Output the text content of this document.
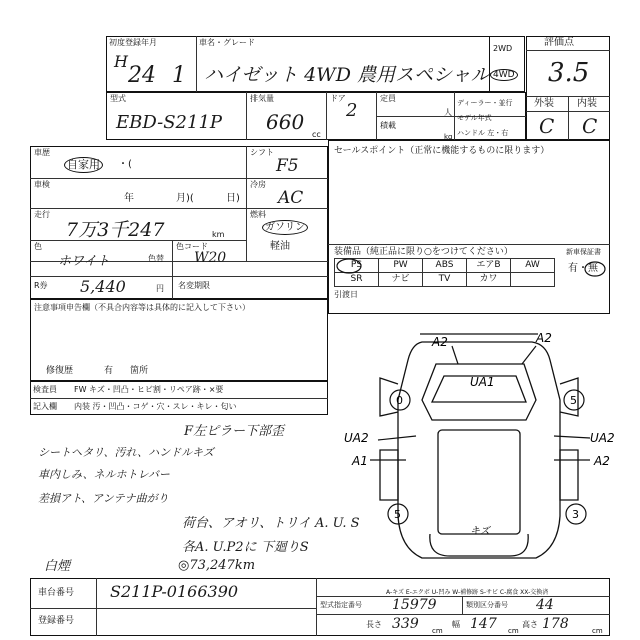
初度登録年月	車名・グレード
H
24 1 ハイゼット 4WD 農用スペシャル
2WD
4WD
評価点
3.5
外装 内装
C C
型式
EBD-S211P
排気量
660
cc
ドア
2
定員
人
積載
kg
ディーラー・並行
モデル年式
ハンドル 左・右
車歴
自家用	・(
シフト
F5
車検
年	月)(	日)
冷房
AC
走行
7万3千247	km
燃料
ガソリン
軽油
色
ホワイト	色替
色コード
W20
R券 5,440	円 名変期限
注意事項申告欄（不具合内容等は具体的に記入して下さい）
修復歴	有 箇所
検査員 FW キズ・凹凸・ヒビ割・リペア跡・×要
記入欄 内装 汚・凹凸・コゲ・穴・スレ・キレ・匂い
セールスポイント（正常に機能するものに限ります）
装備品（純正品に限り○をつけてください）	新車保証書
PS	PW	ABS	エアB	AW
SR	ナビ	TV	カワ
有・無
引渡日
F左ピラー下部歪
シートヘタリ、汚れ、ハンドルキズ
車内しみ、ネルホトレバー
差損アト、アンテナ曲がり
荷台、アオリ、トリイ A. U. S
各A. U.P2に 下廻りS
白煙	◎73,247km
A2	A2
UA1
UA2
A1
UA2
A2
0	5
5	3
キズ
A-キズ E-エクボ U-凹み W-補修跡 S-サビ C-腐食 XX-交換済
車台番号 S211P-0166390
登録番号
型式指定番号 15979	類別区分番号 44
長さ 339 cm
幅 147 cm
高さ 178	cm
